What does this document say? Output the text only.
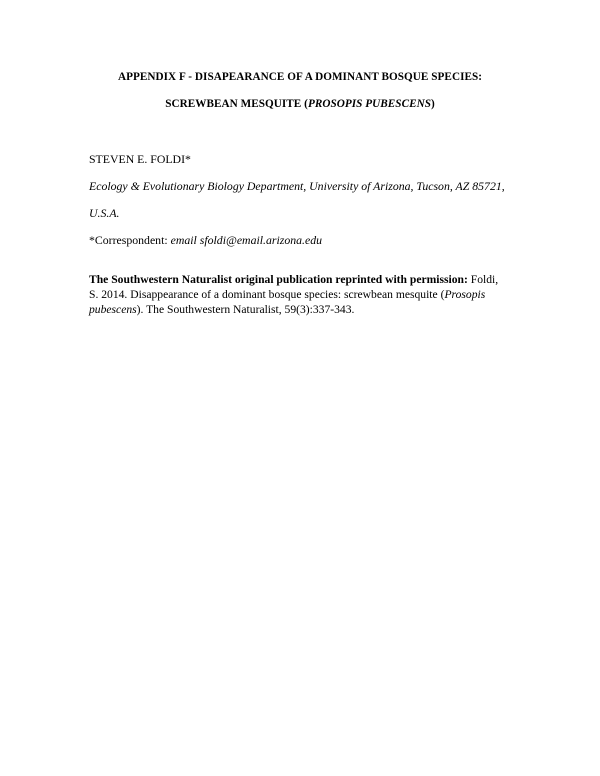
APPENDIX F - DISAPEARANCE OF A DOMINANT BOSQUE SPECIES:
SCREWBEAN MESQUITE (PROSOPIS PUBESCENS)
STEVEN E. FOLDI*
Ecology & Evolutionary Biology Department, University of Arizona, Tucson, AZ 85721,
U.S.A.
*Correspondent: email sfoldi@email.arizona.edu
The Southwestern Naturalist original publication reprinted with permission: Foldi,
S. 2014. Disappearance of a dominant bosque species: screwbean mesquite (Prosopis
pubescens). The Southwestern Naturalist, 59(3):337-343.
